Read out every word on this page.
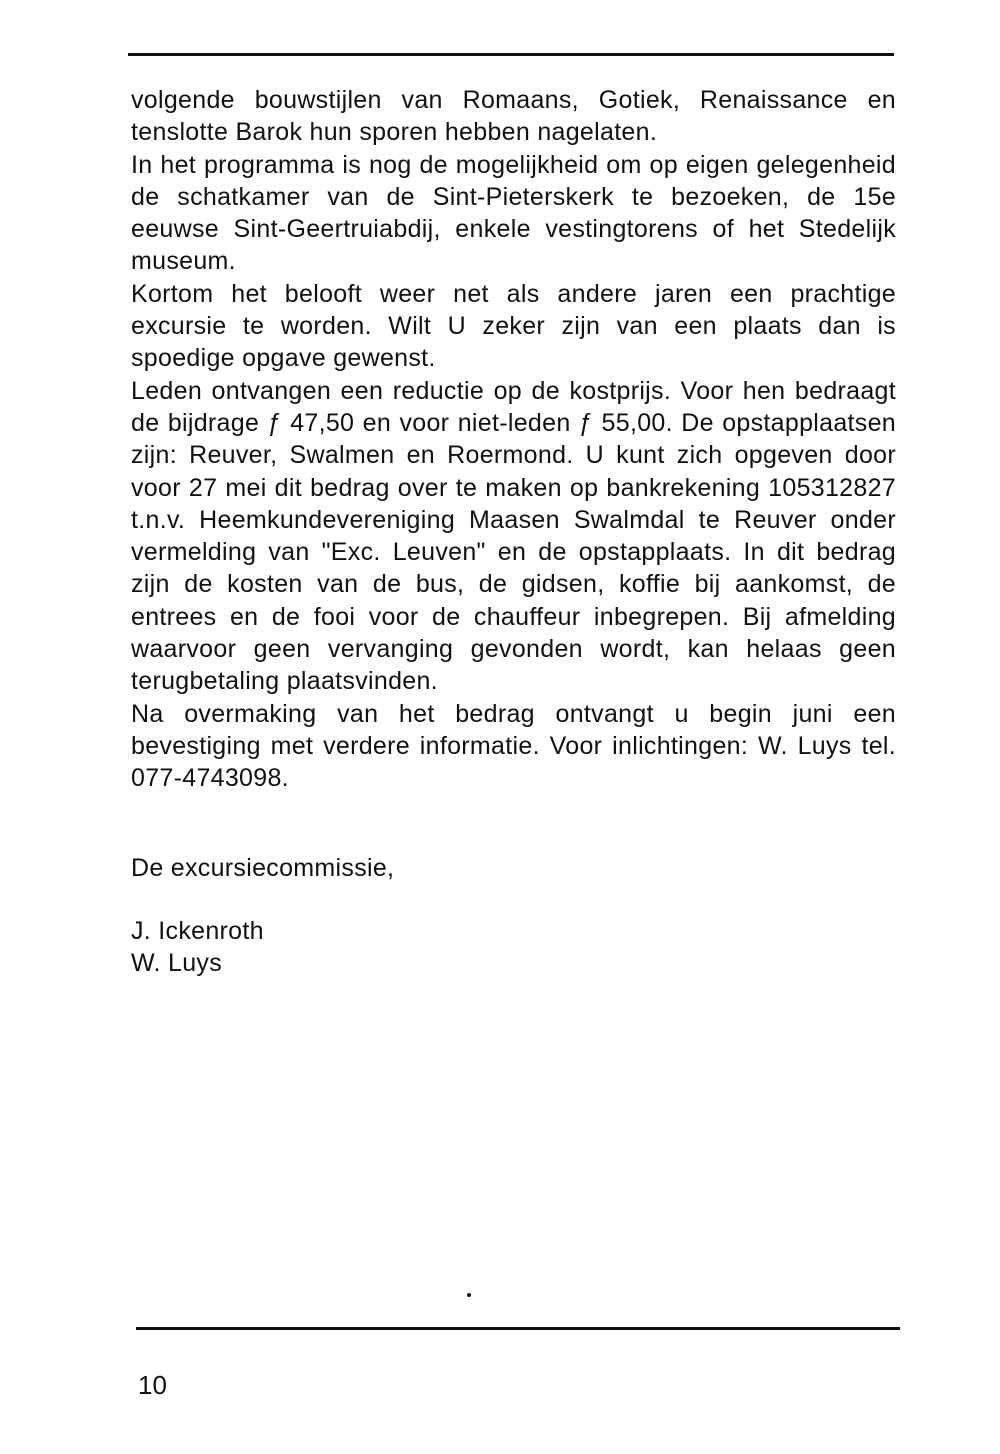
volgende bouwstijlen van Romaans, Gotiek, Renaissance en tenslotte Barok hun sporen hebben nagelaten.

In het programma is nog de mogelijkheid om op eigen gelegenheid de schatkamer van de Sint-Pieterskerk te bezoeken, de 15e eeuwse Sint-Geertruiabdij, enkele vestingtorens of het Stedelijk museum.

Kortom het belooft weer net als andere jaren een prachtige excursie te worden. Wilt U zeker zijn van een plaats dan is spoedige opgave gewenst.

Leden ontvangen een reductie op de kostprijs. Voor hen bedraagt de bijdrage ƒ 47,50 en voor niet-leden ƒ 55,00. De opstapplaatsen zijn: Reuver, Swalmen en Roermond. U kunt zich opgeven door voor 27 mei dit bedrag over te maken op bankrekening 105312827 t.n.v. Heemkundevereniging Maasen Swalmdal te Reuver onder vermelding van "Exc. Leuven" en de opstapplaats. In dit bedrag zijn de kosten van de bus, de gidsen, koffie bij aankomst, de entrees en de fooi voor de chauffeur inbegrepen. Bij afmelding waarvoor geen vervanging gevonden wordt, kan helaas geen terugbetaling plaatsvinden.

Na overmaking van het bedrag ontvangt u begin juni een bevestiging met verdere informatie. Voor inlichtingen: W. Luys tel. 077-4743098.

De excursiecommissie,
J. Ickenroth
W. Luys
10
